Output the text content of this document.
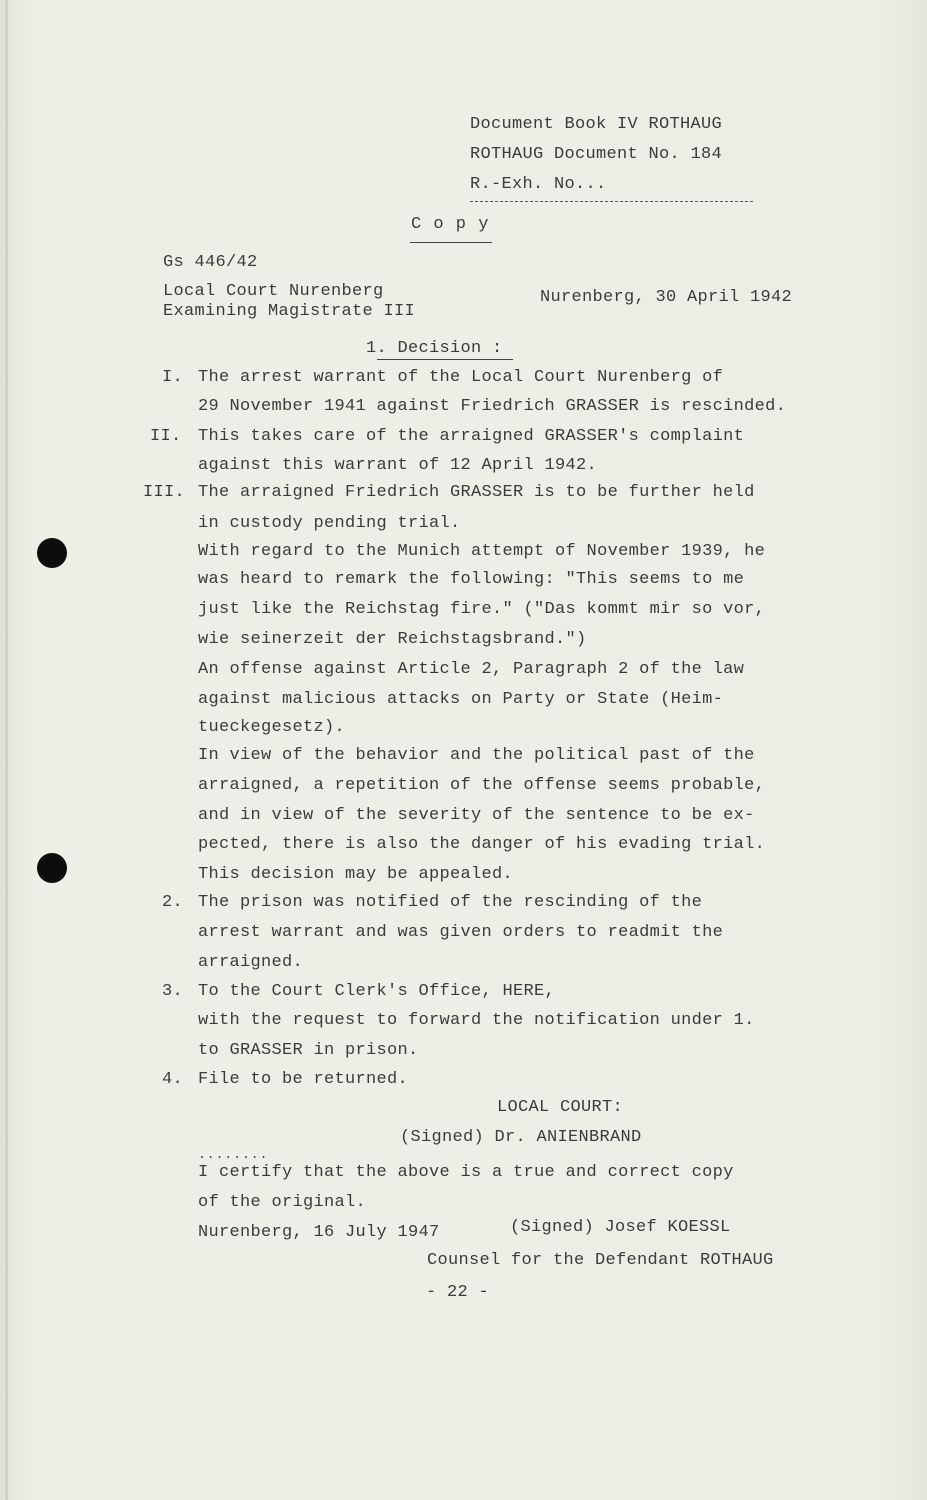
Document Book IV ROTHAUG
ROTHAUG Document No. 184
R.-Exh. No...
C o p y
Gs 446/42
Local Court Nurenberg
Examining Magistrate III
Nurenberg, 30 April 1942
1. Decision :
I. The arrest warrant of the Local Court Nurenberg of
29 November 1941 against Friedrich GRASSER is rescinded.
II. This takes care of the arraigned GRASSER's complaint
against this warrant of 12 April 1942.
III. The arraigned Friedrich GRASSER is to be further held
in custody pending trial.
With regard to the Munich attempt of November 1939, he
was heard to remark the following: "This seems to me
just like the Reichstag fire." ("Das kommt mir so vor,
wie seinerzeit der Reichstagsbrand.")
An offense against Article 2, Paragraph 2 of the law
against malicious attacks on Party or State (Heim-
tueckegesetz).
In view of the behavior and the political past of the
arraigned, a repetition of the offense seems probable,
and in view of the severity of the sentence to be ex-
pected, there is also the danger of his evading trial.
This decision may be appealed.
2. The prison was notified of the rescinding of the
arrest warrant and was given orders to readmit the
arraigned.
3. To the Court Clerk's Office, HERE,
with the request to forward the notification under 1.
to GRASSER in prison.
4. File to be returned.
LOCAL COURT:
(Signed) Dr. ANIENBRAND
........
I certify that the above is a true and correct copy
of the original.
Nurenberg, 16 July 1947	(Signed) Josef KOESSL
Counsel for the Defendant ROTHAUG
- 22 -
